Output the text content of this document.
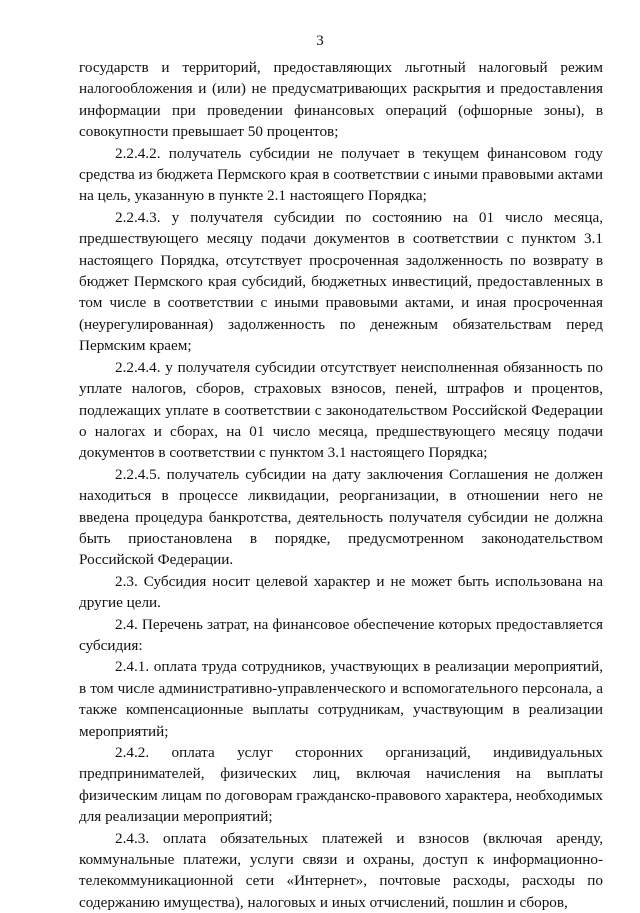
3

государств и территорий, предоставляющих льготный налоговый режим налогообложения и (или) не предусматривающих раскрытия и предоставления информации при проведении финансовых операций (офшорные зоны), в совокупности превышает 50 процентов;

2.2.4.2. получатель субсидии не получает в текущем финансовом году средства из бюджета Пермского края в соответствии с иными правовыми актами на цель, указанную в пункте 2.1 настоящего Порядка;

2.2.4.3. у получателя субсидии по состоянию на 01 число месяца, предшествующего месяцу подачи документов в соответствии с пунктом 3.1 настоящего Порядка, отсутствует просроченная задолженность по возврату в бюджет Пермского края субсидий, бюджетных инвестиций, предоставленных в том числе в соответствии с иными правовыми актами, и иная просроченная (неурегулированная) задолженность по денежным обязательствам перед Пермским краем;

2.2.4.4. у получателя субсидии отсутствует неисполненная обязанность по уплате налогов, сборов, страховых взносов, пеней, штрафов и процентов, подлежащих уплате в соответствии с законодательством Российской Федерации о налогах и сборах, на 01 число месяца, предшествующего месяцу подачи документов в соответствии с пунктом 3.1 настоящего Порядка;

2.2.4.5. получатель субсидии на дату заключения Соглашения не должен находиться в процессе ликвидации, реорганизации, в отношении него не введена процедура банкротства, деятельность получателя субсидии не должна быть приостановлена в порядке, предусмотренном законодательством Российской Федерации.

2.3. Субсидия носит целевой характер и не может быть использована на другие цели.

2.4. Перечень затрат, на финансовое обеспечение которых предоставляется субсидия:

2.4.1. оплата труда сотрудников, участвующих в реализации мероприятий, в том числе административно-управленческого и вспомогательного персонала, а также компенсационные выплаты сотрудникам, участвующим в реализации мероприятий;

2.4.2. оплата услуг сторонних организаций, индивидуальных предпринимателей, физических лиц, включая начисления на выплаты физическим лицам по договорам гражданско-правового характера, необходимых для реализации мероприятий;

2.4.3. оплата обязательных платежей и взносов (включая аренду, коммунальные платежи, услуги связи и охраны, доступ к информационно-телекоммуникационной сети «Интернет», почтовые расходы, расходы по содержанию имущества), налоговых и иных отчислений, пошлин и сборов,
